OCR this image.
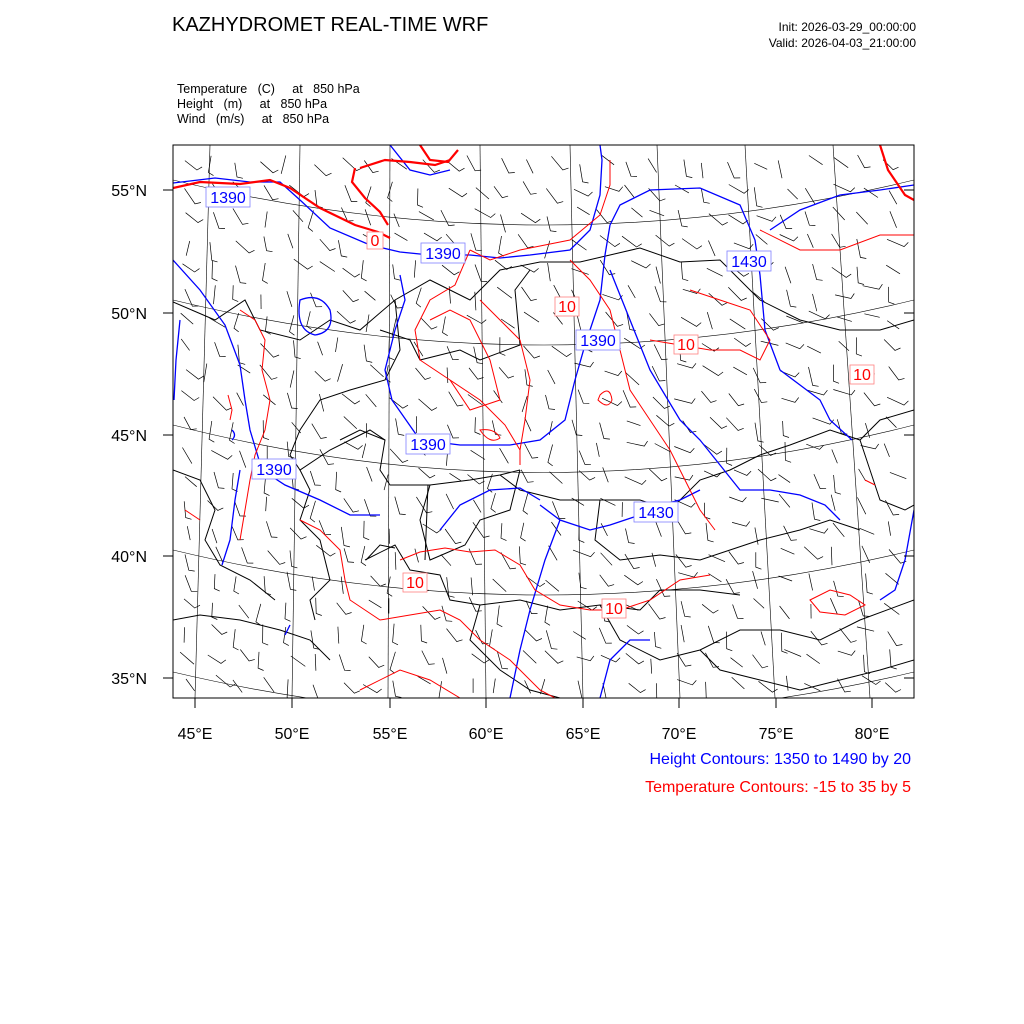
KAZHYDROMET REAL-TIME WRF	Init: 2026-03-29_00:00:00
Valid: 2026-04-03_21:00:00
Temperature   (C)     at   850 hPa
Height   (m)     at   850 hPa
Wind   (m/s)     at   850 hPa
55°N
50°N
45°N
40°N
35°N
45°E	50°E	55°E	60°E	65°E	70°E	75°E	80°E
1390
1390	1430
1390
1390
1390
1430
0
10
10
10
10
10
Height Contours: 1350 to 1490 by 20
Temperature Contours: -15 to 35 by 5
